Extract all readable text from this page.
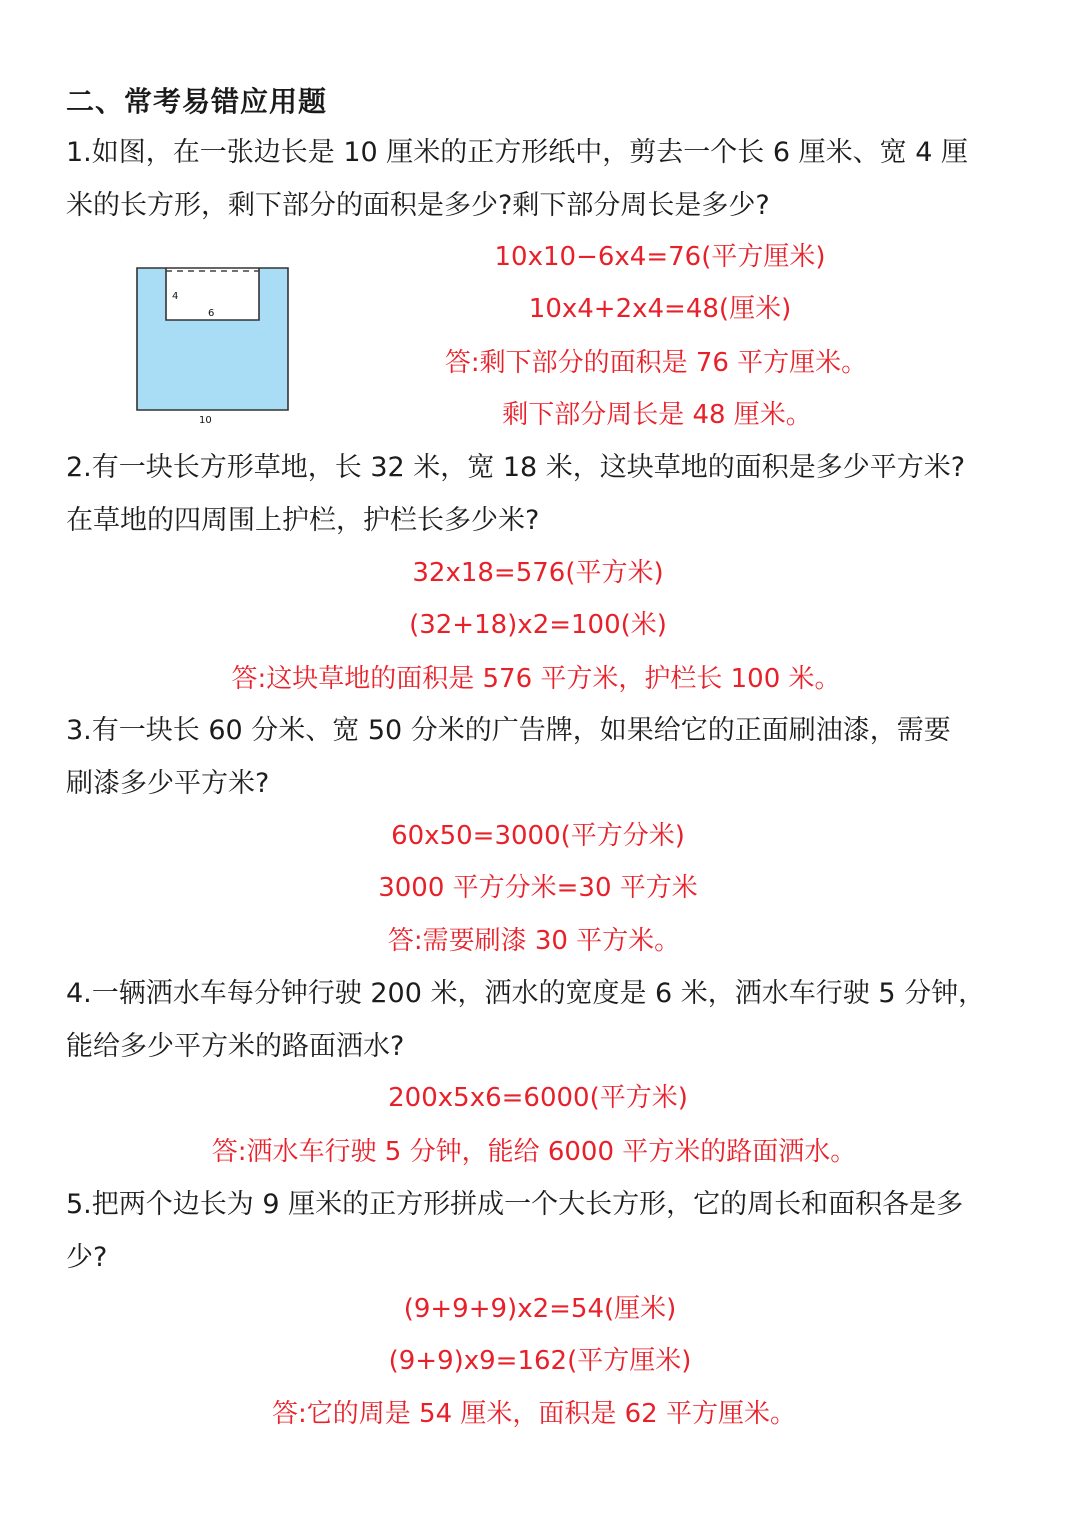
二、常考易错应用题
1.如图，在一张边长是 10 厘米的正方形纸中，剪去一个长 6 厘米、宽 4 厘
米的长方形，剩下部分的面积是多少?剩下部分周长是多少?
4
6
10
10x10−6x4=76(平方厘米)
10x4+2x4=48(厘米)
答:剩下部分的面积是 76 平方厘米。
剩下部分周长是 48 厘米。
2.有一块长方形草地，长 32 米，宽 18 米，这块草地的面积是多少平方米?
在草地的四周围上护栏，护栏长多少米?
32x18=576(平方米)
(32+18)x2=100(米)
答:这块草地的面积是 576 平方米，护栏长 100 米。
3.有一块长 60 分米、宽 50 分米的广告牌，如果给它的正面刷油漆，需要
刷漆多少平方米?
60x50=3000(平方分米)
3000 平方分米=30 平方米
答:需要刷漆 30 平方米。
4.一辆洒水车每分钟行驶 200 米，洒水的宽度是 6 米，洒水车行驶 5 分钟，
能给多少平方米的路面洒水?
200x5x6=6000(平方米)
答:洒水车行驶 5 分钟，能给 6000 平方米的路面洒水。
5.把两个边长为 9 厘米的正方形拼成一个大长方形，它的周长和面积各是多
少?
(9+9+9)x2=54(厘米)
(9+9)x9=162(平方厘米)
答:它的周是 54 厘米，面积是 62 平方厘米。
